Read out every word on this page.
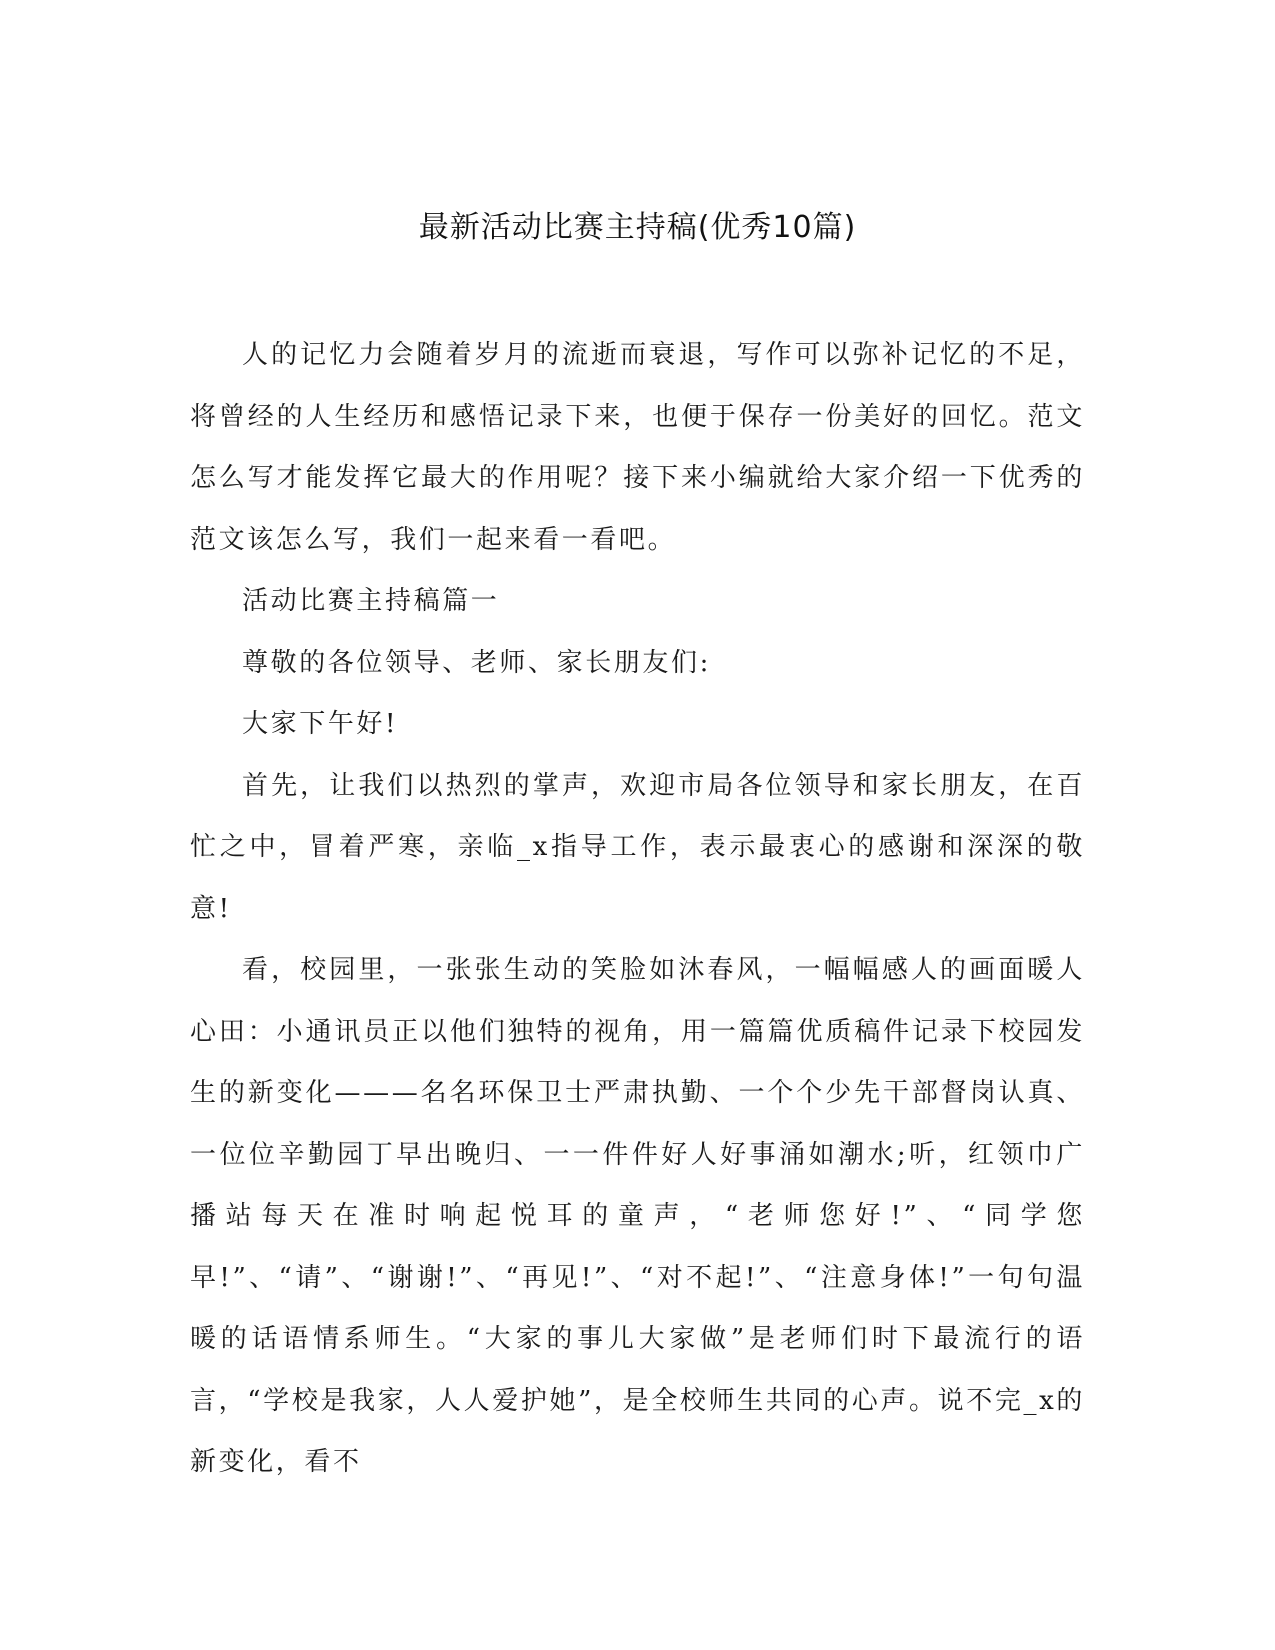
最新活动比赛主持稿(优秀10篇)

人的记忆力会随着岁月的流逝而衰退，写作可以弥补记忆的不足，将曾经的人生经历和感悟记录下来，也便于保存一份美好的回忆。范文怎么写才能发挥它最大的作用呢？接下来小编就给大家介绍一下优秀的范文该怎么写，我们一起来看一看吧。

活动比赛主持稿篇一

尊敬的各位领导、老师、家长朋友们:

大家下午好!

首先，让我们以热烈的掌声，欢迎市局各位领导和家长朋友，在百忙之中，冒着严寒，亲临_x指导工作，表示最衷心的感谢和深深的敬意!

看，校园里，一张张生动的笑脸如沐春风，一幅幅感人的画面暖人心田：小通讯员正以他们独特的视角，用一篇篇优质稿件记录下校园发生的新变化———名名环保卫士严肃执勤、一个个少先干部督岗认真、一位位辛勤园丁早出晚归、一一件件好人好事涌如潮水;听，红领巾广播站每天在准时响起悦耳的童声，“老师您好!”、“同学您早!”、“请”、“谢谢!”、“再见!”、“对不起!”、“注意身体!”一句句温暖的话语情系师生。“大家的事儿大家做”是老师们时下最流行的语言，“学校是我家，人人爱护她”，是全校师生共同的心声。说不完_x的新变化，看不
